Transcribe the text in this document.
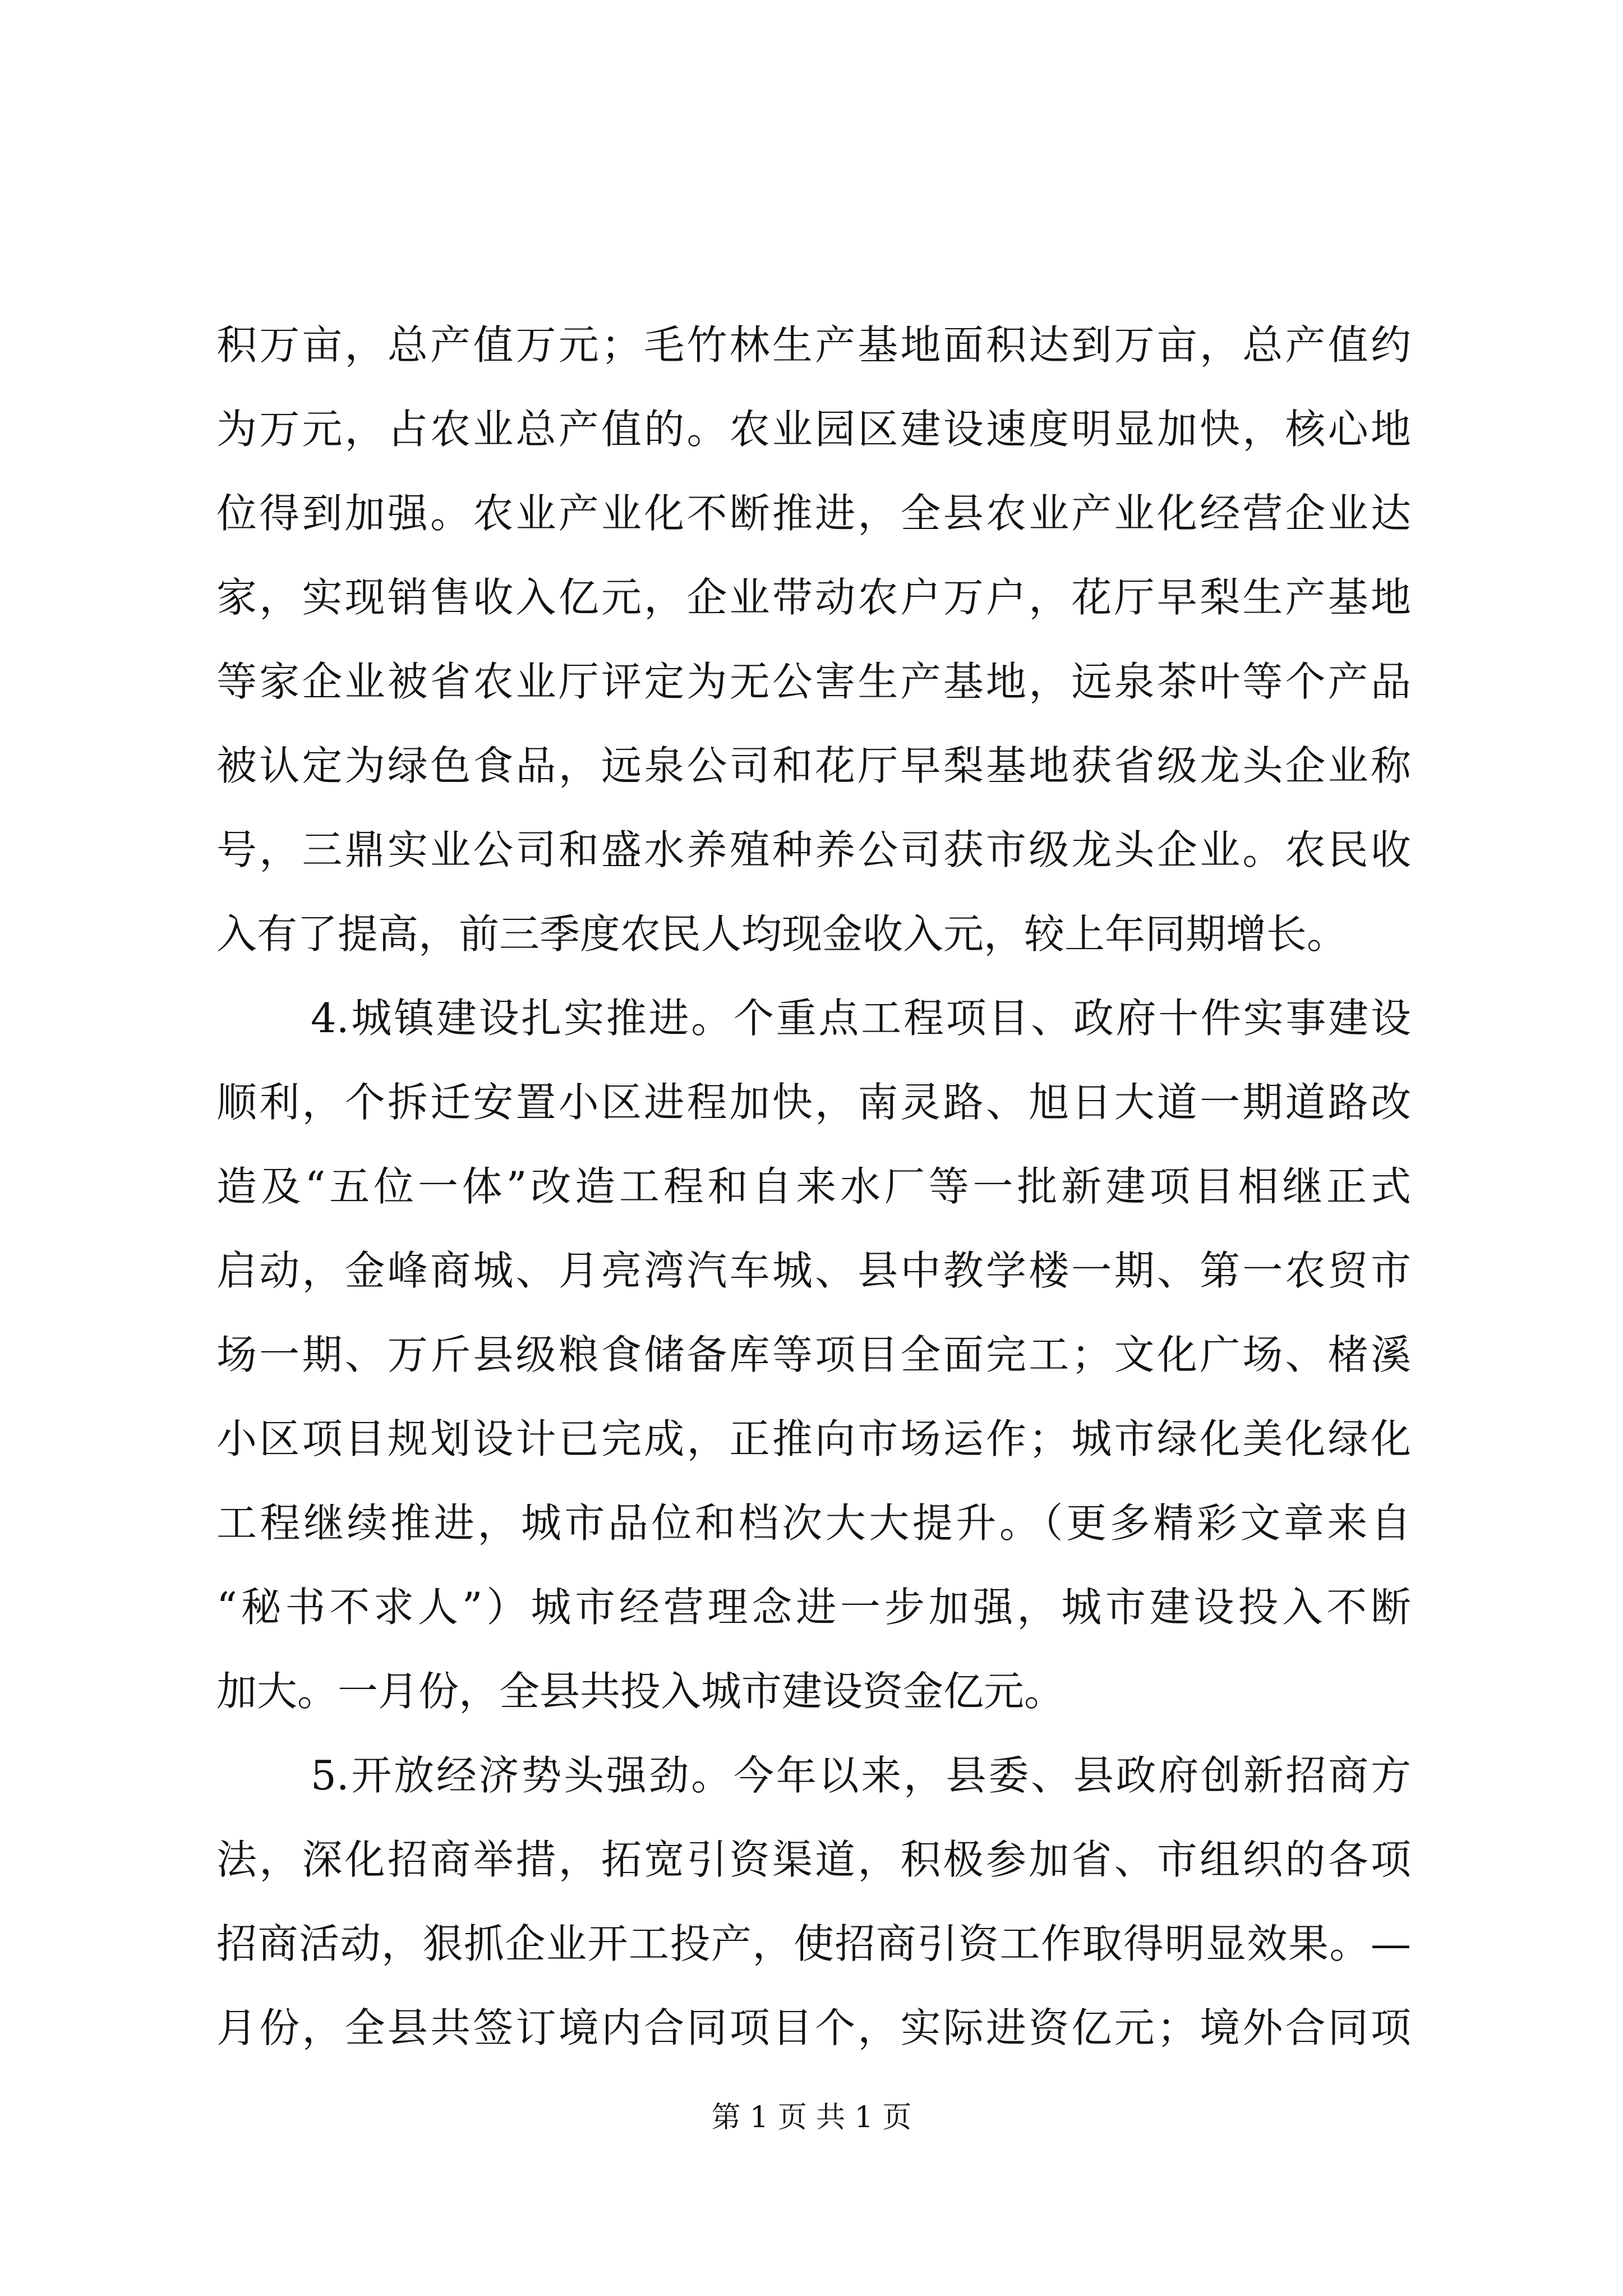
积万亩，总产值万元；毛竹林生产基地面积达到万亩，总产值约
为万元，占农业总产值的。农业园区建设速度明显加快，核心地
位得到加强。农业产业化不断推进，全县农业产业化经营企业达
家，实现销售收入亿元，企业带动农户万户，花厅早梨生产基地
等家企业被省农业厅评定为无公害生产基地，远泉茶叶等个产品
被认定为绿色食品，远泉公司和花厅早梨基地获省级龙头企业称
号，三鼎实业公司和盛水养殖种养公司获市级龙头企业。农民收
入有了提高，前三季度农民人均现金收入元，较上年同期增长。
4.城镇建设扎实推进。个重点工程项目、政府十件实事建设
顺利，个拆迁安置小区进程加快，南灵路、旭日大道一期道路改
造及“五位一体”改造工程和自来水厂等一批新建项目相继正式
启动，金峰商城、月亮湾汽车城、县中教学楼一期、第一农贸市
场一期、万斤县级粮食储备库等项目全面完工；文化广场、楮溪
小区项目规划设计已完成，正推向市场运作；城市绿化美化绿化
工程继续推进，城市品位和档次大大提升。（更多精彩文章来自
“秘书不求人”）城市经营理念进一步加强，城市建设投入不断
加大。一月份，全县共投入城市建设资金亿元。
5.开放经济势头强劲。今年以来，县委、县政府创新招商方
法，深化招商举措，拓宽引资渠道，积极参加省、市组织的各项
招商活动，狠抓企业开工投产，使招商引资工作取得明显效果。—
月份，全县共签订境内合同项目个，实际进资亿元；境外合同项
第 1 页 共 1 页
